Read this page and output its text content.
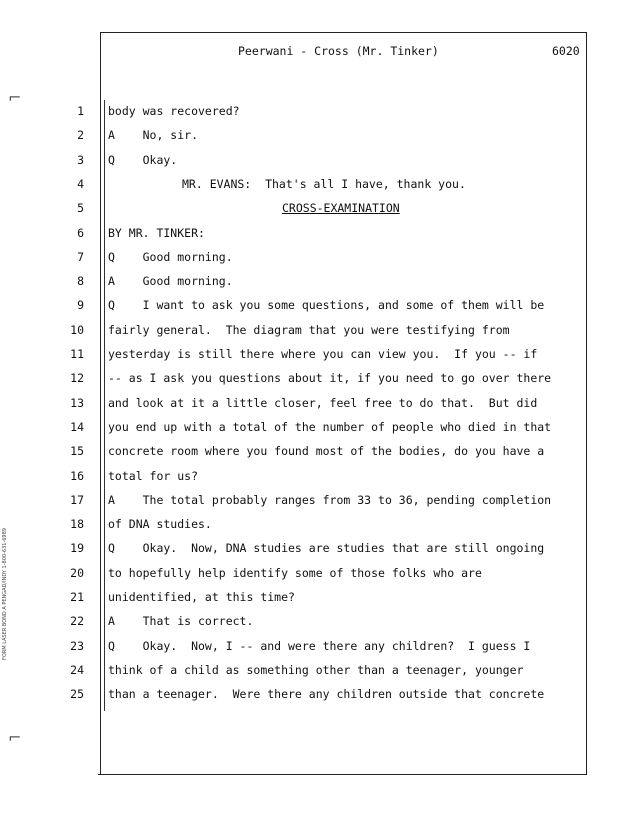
Peerwani - Cross (Mr. Tinker)	6020
1 body was recovered?
2 A    No, sir.
3 Q    Okay.
4	MR. EVANS:  That's all I have, thank you.
5	CROSS-EXAMINATION
6 BY MR. TINKER:
7 Q    Good morning.
8 A    Good morning.
9 Q    I want to ask you some questions, and some of them will be
10 fairly general.  The diagram that you were testifying from
11 yesterday is still there where you can view you.  If you -- if
12 -- as I ask you questions about it, if you need to go over there
13 and look at it a little closer, feel free to do that.  But did
14 you end up with a total of the number of people who died in that
15 concrete room where you found most of the bodies, do you have a
16 total for us?
17 A    The total probably ranges from 33 to 36, pending completion
18 of DNA studies.
19 Q    Okay.  Now, DNA studies are studies that are still ongoing
20 to hopefully help identify some of those folks who are
21 unidentified, at this time?
22 A    That is correct.
23 Q    Okay.  Now, I -- and were there any children?  I guess I
24 think of a child as something other than a teenager, younger
25 than a teenager.  Were there any children outside that concrete
FORM LASER BOND A PENGAD/INDY 1-800-631-6989
⌐
⌐
